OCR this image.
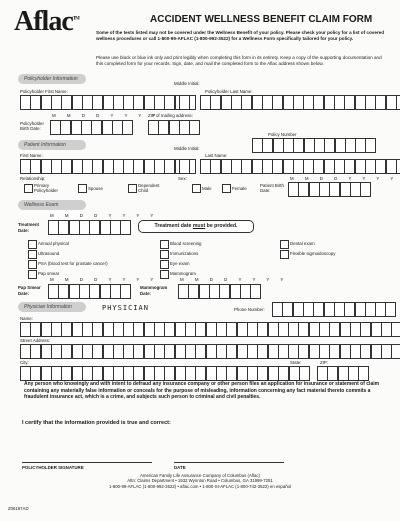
Aflac™	ACCIDENT WELLNESS BENEFIT CLAIM FORM
Some of the tests listed may not be covered under the Wellness Benefit of your policy. Please check your policy for a list of covered wellness procedures or call 1-800-99-AFLAC (1-800-992-3522) for a Wellness Form specifically tailored for your policy.
Please use black or blue ink only and print legibly when completing this form in its entirety. Keep a copy of the supporting documentation and this completed form for your records. Sign, date, and mail the completed form to the Aflac address shown below.
Policyholder Information
Middle Initial:
Policyholder First Name:	Policyholder Last Name:
M M D D Y Y Y Y
ZIP of mailing address:
Policyholder Birth Date:
Policy Number
Patient Information
Middle Initial:
First Name:	Last Name:
Relationship:	Sex:	M M D D Y Y Y Y
Primary Policyholder	Spouse
Dependent Child	Male	Female
Patient Birth Date:
Wellness Exam
M M D D Y Y Y Y
Treatment Date:
Treatment date must be provided.
Annual physical
Ultrasound
PSA (blood test for prostate cancer)
Pap smear
Blood screening
Immunizations
Eye exam
Mammogram
Dental exam
Flexible sigmoidoscopy
M M D D Y Y Y Y	M M D D Y Y Y Y
Pap Smear Date:
Mammogram Date:
Physician Information	PHYSICIAN	Phone Number:
Name:
Street Address:
City:	State:	ZIP:
Any person who knowingly and with intent to defraud any insurance company or other person files an application for insurance or statement of claim containing any materially false information or conceals for the purpose of misleading, information concerning any fact material thereto commits a fraudulent insurance act, which is a crime, and subjects such person to criminal and civil penalties.
I certify that the information provided is true and correct:
POLICYHOLDER SIGNATURE	DATE
American Family Life Assurance Company of Columbus (Aflac)
Attn: Claims Department • 1932 Wynnton Road • Columbus, GA 31999-7251
1-800-99-AFLAC (1-800-992-3522) • aflac.com • 1-800-SI-AFLAC (1-800-742-3522) en español
Z06197AD
